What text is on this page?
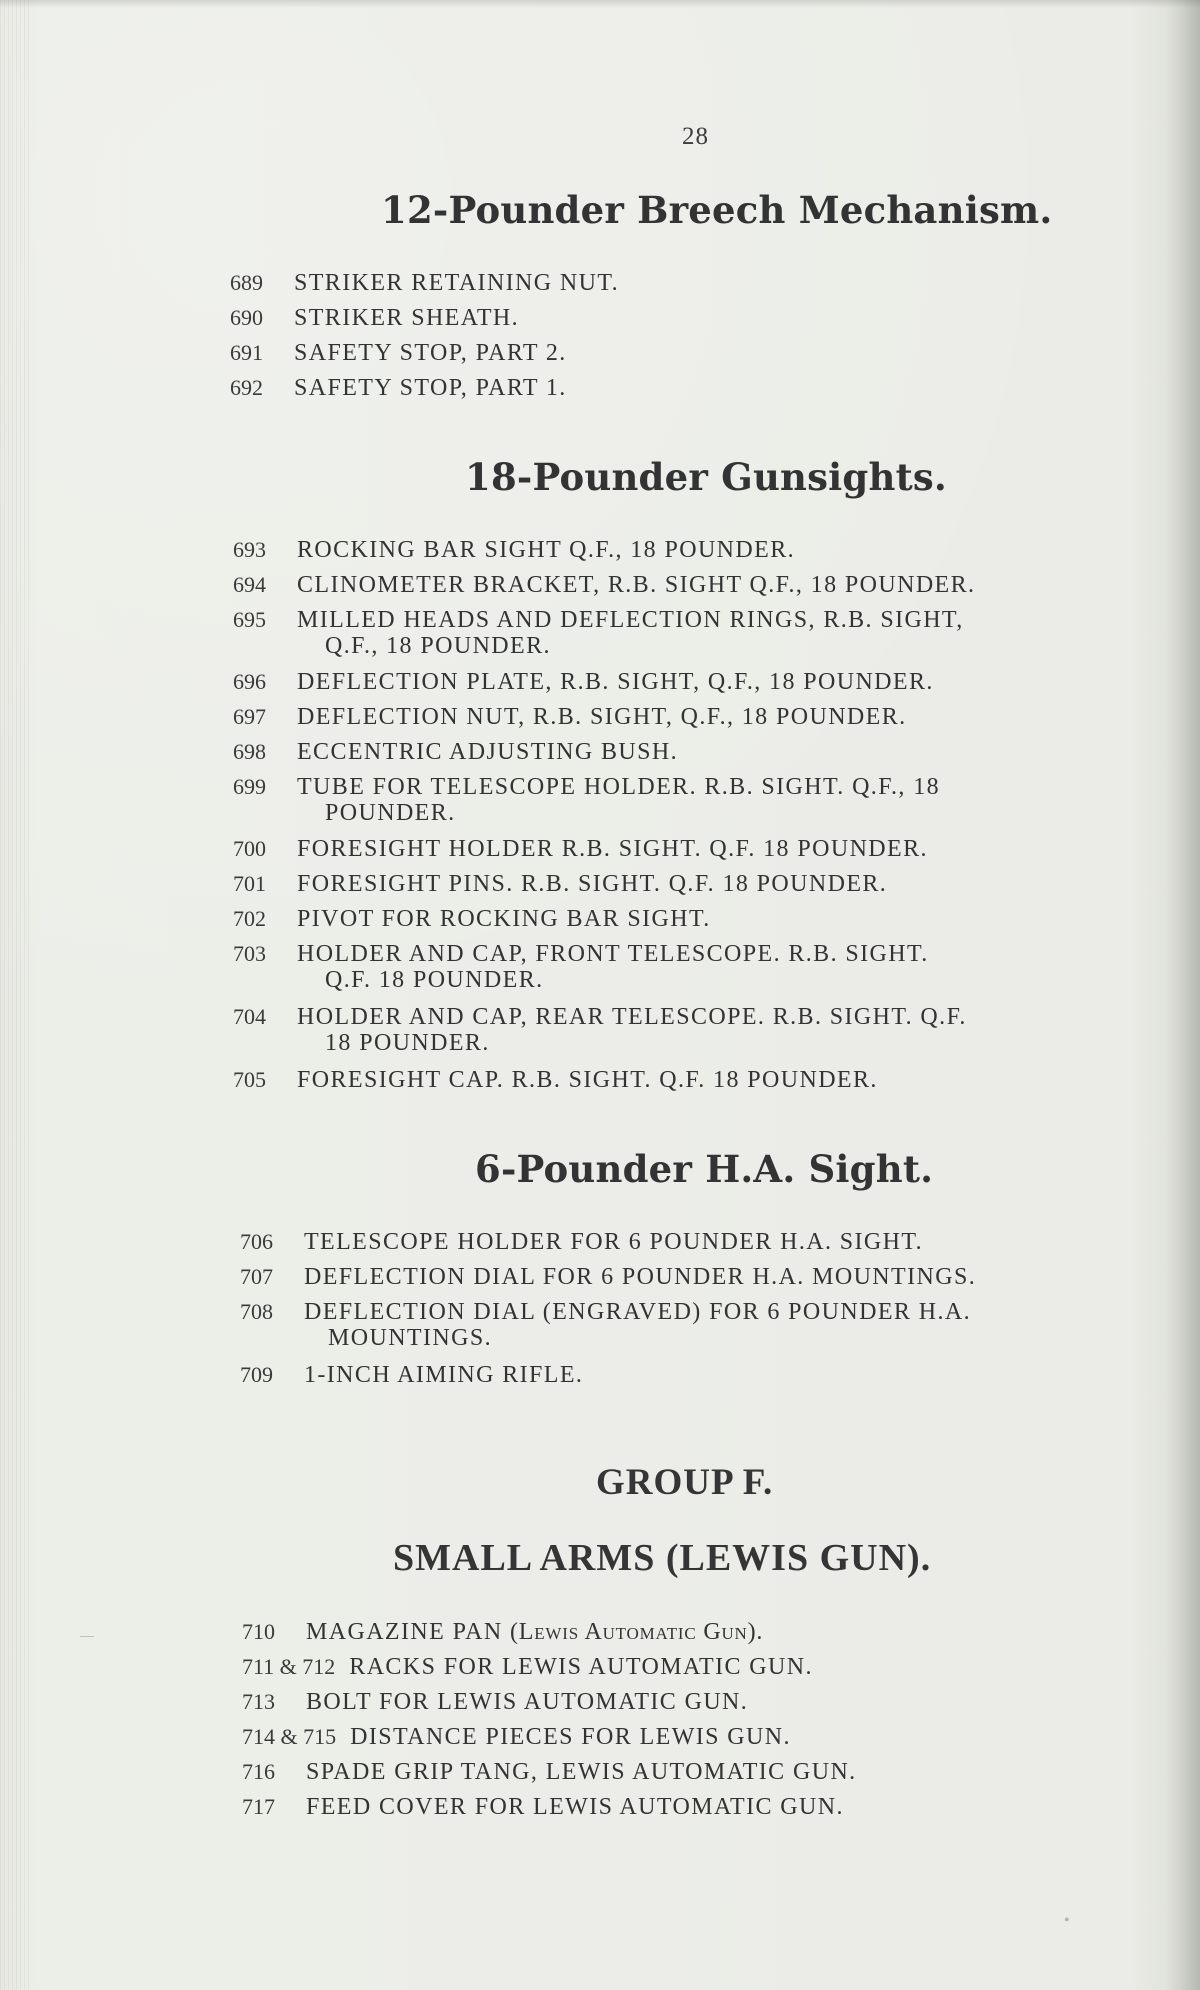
28
12-Pounder Breech Mechanism.
689 STRIKER RETAINING NUT.
690 STRIKER SHEATH.
691 SAFETY STOP, PART 2.
692 SAFETY STOP, PART 1.
18-Pounder Gunsights.
693 ROCKING BAR SIGHT Q.F., 18 POUNDER.
694 CLINOMETER BRACKET, R.B. SIGHT Q.F., 18 POUNDER.
695 MILLED HEADS AND DEFLECTION RINGS, R.B. SIGHT,
Q.F., 18 POUNDER.
696 DEFLECTION PLATE, R.B. SIGHT, Q.F., 18 POUNDER.
697 DEFLECTION NUT, R.B. SIGHT, Q.F., 18 POUNDER.
698 ECCENTRIC ADJUSTING BUSH.
699 TUBE FOR TELESCOPE HOLDER. R.B. SIGHT. Q.F., 18
POUNDER.
700 FORESIGHT HOLDER R.B. SIGHT. Q.F. 18 POUNDER.
701 FORESIGHT PINS. R.B. SIGHT. Q.F. 18 POUNDER.
702 PIVOT FOR ROCKING BAR SIGHT.
703 HOLDER AND CAP, FRONT TELESCOPE. R.B. SIGHT.
Q.F. 18 POUNDER.
704 HOLDER AND CAP, REAR TELESCOPE. R.B. SIGHT. Q.F.
18 POUNDER.
705 FORESIGHT CAP. R.B. SIGHT. Q.F. 18 POUNDER.
6-Pounder H.A. Sight.
706 TELESCOPE HOLDER FOR 6 POUNDER H.A. SIGHT.
707 DEFLECTION DIAL FOR 6 POUNDER H.A. MOUNTINGS.
708 DEFLECTION DIAL (ENGRAVED) FOR 6 POUNDER H.A.
MOUNTINGS.
709 1-INCH AIMING RIFLE.
GROUP F.
SMALL ARMS (LEWIS GUN).
710 MAGAZINE PAN (Lewis Automatic Gun).
711 & 712 RACKS FOR LEWIS AUTOMATIC GUN.
713 BOLT FOR LEWIS AUTOMATIC GUN.
714 & 715 DISTANCE PIECES FOR LEWIS GUN.
716 SPADE GRIP TANG, LEWIS AUTOMATIC GUN.
717 FEED COVER FOR LEWIS AUTOMATIC GUN.
•
